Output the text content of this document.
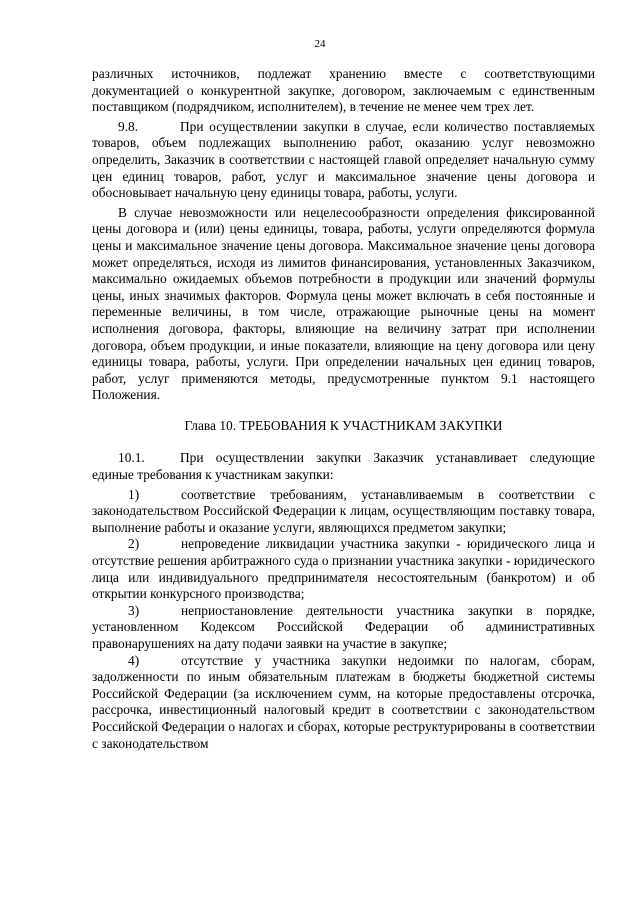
24

различных источников, подлежат хранению вместе с соответствующими документацией о конкурентной закупке, договором, заключаемым с единственным поставщиком (подрядчиком, исполнителем), в течение не менее чем трех лет.

9.8.	При осуществлении закупки в случае, если количество поставляемых товаров, объем подлежащих выполнению работ, оказанию услуг невозможно определить, Заказчик в соответствии с настоящей главой определяет начальную сумму цен единиц товаров, работ, услуг и максимальное значение цены договора и обосновывает начальную цену единицы товара, работы, услуги.

В случае невозможности или нецелесообразности определения фиксированной цены договора и (или) цены единицы, товара, работы, услуги определяются формула цены и максимальное значение цены договора. Максимальное значение цены договора может определяться, исходя из лимитов финансирования, установленных Заказчиком, максимально ожидаемых объемов потребности в продукции или значений формулы цены, иных значимых факторов. Формула цены может включать в себя постоянные и переменные величины, в том числе, отражающие рыночные цены на момент исполнения договора, факторы, влияющие на величину затрат при исполнении договора, объем продукции, и иные показатели, влияющие на цену договора или цену единицы товара, работы, услуги. При определении начальных цен единиц товаров, работ, услуг применяются методы, предусмотренные пунктом 9.1 настоящего Положения.

Глава 10. ТРЕБОВАНИЯ К УЧАСТНИКАМ ЗАКУПКИ

10.1.	При осуществлении закупки Заказчик устанавливает следующие единые требования к участникам закупки:

1)	соответствие требованиям, устанавливаемым в соответствии с законодательством Российской Федерации к лицам, осуществляющим поставку товара, выполнение работы и оказание услуги, являющихся предметом закупки;

2)	непроведение ликвидации участника закупки - юридического лица и отсутствие решения арбитражного суда о признании участника закупки - юридического лица или индивидуального предпринимателя несостоятельным (банкротом) и об открытии конкурсного производства;

3)	неприостановление деятельности участника закупки в порядке, установленном Кодексом Российской Федерации об административных правонарушениях на дату подачи заявки на участие в закупке;

4)	отсутствие у участника закупки недоимки по налогам, сборам, задолженности по иным обязательным платежам в бюджеты бюджетной системы Российской Федерации (за исключением сумм, на которые предоставлены отсрочка, рассрочка, инвестиционный налоговый кредит в соответствии с законодательством Российской Федерации о налогах и сборах, которые реструктурированы в соответствии с законодательством
